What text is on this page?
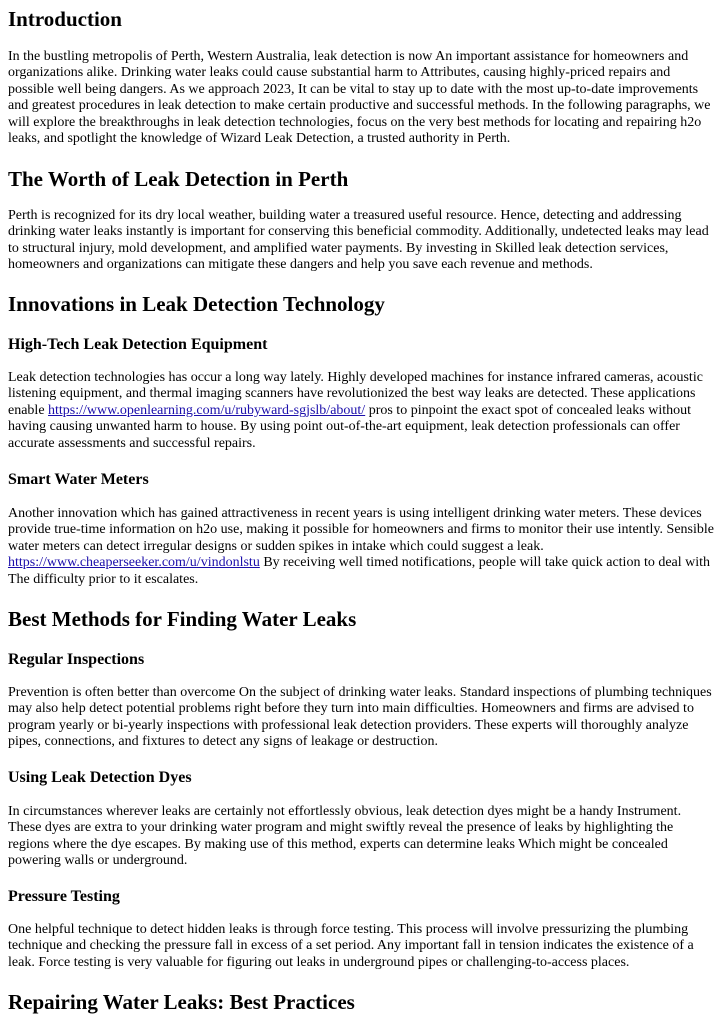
Introduction

In the bustling metropolis of Perth, Western Australia, leak detection is now An important assistance for homeowners and organizations alike. Drinking water leaks could cause substantial harm to Attributes, causing highly-priced repairs and possible well being dangers. As we approach 2023, It can be vital to stay up to date with the most up-to-date improvements and greatest procedures in leak detection to make certain productive and successful methods. In the following paragraphs, we will explore the breakthroughs in leak detection technologies, focus on the very best methods for locating and repairing h2o leaks, and spotlight the knowledge of Wizard Leak Detection, a trusted authority in Perth.

The Worth of Leak Detection in Perth

Perth is recognized for its dry local weather, building water a treasured useful resource. Hence, detecting and addressing drinking water leaks instantly is important for conserving this beneficial commodity. Additionally, undetected leaks may lead to structural injury, mold development, and amplified water payments. By investing in Skilled leak detection services, homeowners and organizations can mitigate these dangers and help you save each revenue and methods.

Innovations in Leak Detection Technology
High-Tech Leak Detection Equipment

Leak detection technologies has occur a long way lately. Highly developed machines for instance infrared cameras, acoustic listening equipment, and thermal imaging scanners have revolutionized the best way leaks are detected. These applications enable https://www.openlearning.com/u/rubyward-sgjslb/about/ pros to pinpoint the exact spot of concealed leaks without having causing unwanted harm to house. By using point out-of-the-art equipment, leak detection professionals can offer accurate assessments and successful repairs.

Smart Water Meters

Another innovation which has gained attractiveness in recent years is using intelligent drinking water meters. These devices provide true-time information on h2o use, making it possible for homeowners and firms to monitor their use intently. Sensible water meters can detect irregular designs or sudden spikes in intake which could suggest a leak. https://www.cheaperseeker.com/u/vindonlstu By receiving well timed notifications, people will take quick action to deal with The difficulty prior to it escalates.

Best Methods for Finding Water Leaks
Regular Inspections

Prevention is often better than overcome On the subject of drinking water leaks. Standard inspections of plumbing techniques may also help detect potential problems right before they turn into main difficulties. Homeowners and firms are advised to program yearly or bi-yearly inspections with professional leak detection providers. These experts will thoroughly analyze pipes, connections, and fixtures to detect any signs of leakage or destruction.

Using Leak Detection Dyes

In circumstances wherever leaks are certainly not effortlessly obvious, leak detection dyes might be a handy Instrument. These dyes are extra to your drinking water program and might swiftly reveal the presence of leaks by highlighting the regions where the dye escapes. By making use of this method, experts can determine leaks Which might be concealed powering walls or underground.

Pressure Testing

One helpful technique to detect hidden leaks is through force testing. This process will involve pressurizing the plumbing technique and checking the pressure fall in excess of a set period. Any important fall in tension indicates the existence of a leak. Force testing is very valuable for figuring out leaks in underground pipes or challenging-to-access places.

Repairing Water Leaks: Best Practices
